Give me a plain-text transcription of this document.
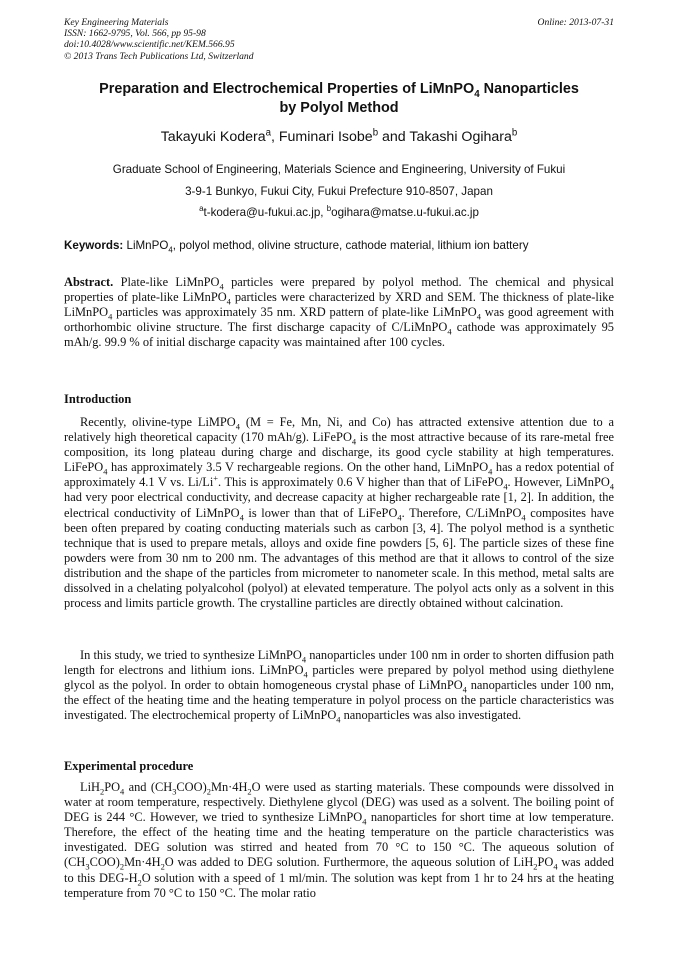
Key Engineering Materials
ISSN: 1662-9795, Vol. 566, pp 95-98
doi:10.4028/www.scientific.net/KEM.566.95
© 2013 Trans Tech Publications Ltd, Switzerland
Online: 2013-07-31
Preparation and Electrochemical Properties of LiMnPO$_4$ Nanoparticles
by Polyol Method
Takayuki Kodera$^a$, Fuminari Isobe$^b$ and Takashi Ogihara$^b$
Graduate School of Engineering, Materials Science and Engineering, University of Fukui
3-9-1 Bunkyo, Fukui City, Fukui Prefecture 910-8507, Japan
$^a$t-kodera@u-fukui.ac.jp, $^b$ogihara@matse.u-fukui.ac.jp
Keywords: LiMnPO$_4$, polyol method, olivine structure, cathode material, lithium ion battery

Abstract. Plate-like LiMnPO$_4$ particles were prepared by polyol method. The chemical and physical properties of plate-like LiMnPO$_4$ particles were characterized by XRD and SEM. The thickness of plate-like LiMnPO$_4$ particles was approximately 35 nm. XRD pattern of plate-like LiMnPO$_4$ was good agreement with orthorhombic olivine structure. The first discharge capacity of C/LiMnPO$_4$ cathode was approximately 95 mAh/g. 99.9 % of initial discharge capacity was maintained after 100 cycles.

Introduction

Recently, olivine-type LiMPO$_4$ (M = Fe, Mn, Ni, and Co) has attracted extensive attention due to a relatively high theoretical capacity (170 mAh/g). LiFePO$_4$ is the most attractive because of its rare-metal free composition, its long plateau during charge and discharge, its good cycle stability at high temperatures. LiFePO$_4$ has approximately 3.5 V rechargeable regions. On the other hand, LiMnPO$_4$ has a redox potential of approximately 4.1 V vs. Li/Li+. This is approximately 0.6 V higher than that of LiFePO$_4$. However, LiMnPO$_4$ had very poor electrical conductivity, and decrease capacity at higher rechargeable rate [1, 2]. In addition, the electrical conductivity of LiMnPO$_4$ is lower than that of LiFePO$_4$. Therefore, C/LiMnPO$_4$ composites have been often prepared by coating conducting materials such as carbon [3, 4]. The polyol method is a synthetic technique that is used to prepare metals, alloys and oxide fine powders [5, 6]. The particle sizes of these fine powders were from 30 nm to 200 nm. The advantages of this method are that it allows to control of the size distribution and the shape of the particles from micrometer to nanometer scale. In this method, metal salts are dissolved in a chelating polyalcohol (polyol) at elevated temperature. The polyol acts only as a solvent in this process and limits particle growth. The crystalline particles are directly obtained without calcination.

In this study, we tried to synthesize LiMnPO$_4$ nanoparticles under 100 nm in order to shorten diffusion path length for electrons and lithium ions. LiMnPO$_4$ particles were prepared by polyol method using diethylene glycol as the polyol. In order to obtain homogeneous crystal phase of LiMnPO$_4$ nanoparticles under 100 nm, the effect of the heating time and the heating temperature in polyol process on the particle characteristics was investigated. The electrochemical property of LiMnPO$_4$ nanoparticles was also investigated.

Experimental procedure

$LiH_2PO_4$ and $(CH_3COO)_2Mn\cdot 4H_2O$ were used as starting materials. These compounds were dissolved in water at room temperature, respectively. Diethylene glycol (DEG) was used as a solvent. The boiling point of DEG is 244 °C. However, we tried to synthesize LiMnPO$_4$ nanoparticles for short time at low temperature. Therefore, the effect of the heating time and the heating temperature on the particle characteristics was investigated. DEG solution was stirred and heated from 70 °C to 150 °C. The aqueous solution of $(CH_3COO)_2Mn\cdot 4H_2O$ was added to DEG solution. Furthermore, the aqueous solution of $LiH_2PO_4$ was added to this DEG-$H_2O$ solution with a speed of 1 ml/min. The solution was kept from 1 hr to 24 hrs at the heating temperature from 70 °C to 150 °C. The molar ratio
